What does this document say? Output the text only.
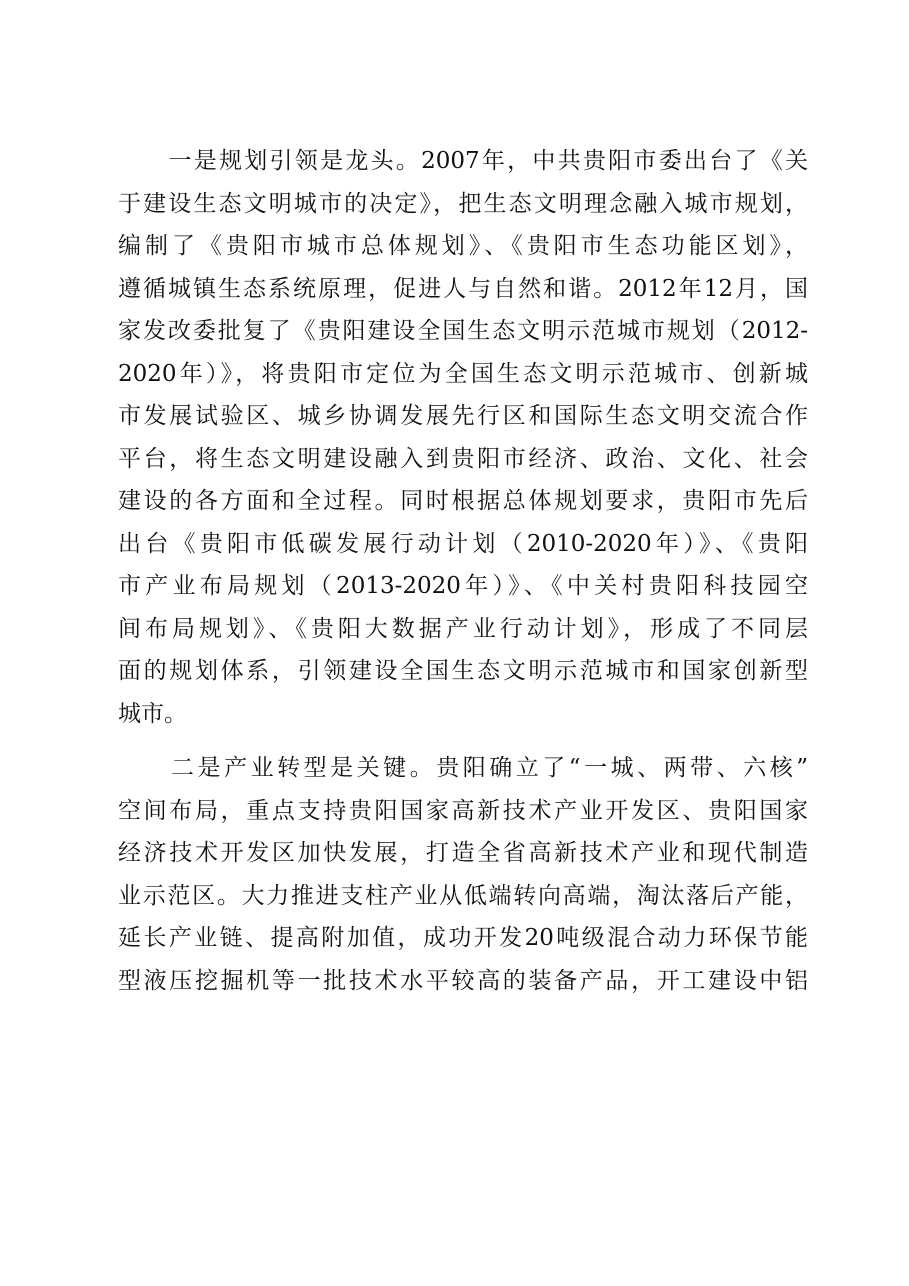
　　一是规划引领是龙头。2007年，中共贵阳市委出台了《关
于建设生态文明城市的决定》，把生态文明理念融入城市规划，
编制了《贵阳市城市总体规划》、《贵阳市生态功能区划》，
遵循城镇生态系统原理，促进人与自然和谐。2012年12月，国
家发改委批复了《贵阳建设全国生态文明示范城市规划（2012-
2020年）》，将贵阳市定位为全国生态文明示范城市、创新城
市发展试验区、城乡协调发展先行区和国际生态文明交流合作
平台，将生态文明建设融入到贵阳市经济、政治、文化、社会
建设的各方面和全过程。同时根据总体规划要求，贵阳市先后
出台《贵阳市低碳发展行动计划（2010-2020年）》、《贵阳
市产业布局规划（2013-2020年）》、《中关村贵阳科技园空
间布局规划》、《贵阳大数据产业行动计划》，形成了不同层
面的规划体系，引领建设全国生态文明示范城市和国家创新型
城市。
　　二是产业转型是关键。贵阳确立了“一城、两带、六核”
空间布局，重点支持贵阳国家高新技术产业开发区、贵阳国家
经济技术开发区加快发展，打造全省高新技术产业和现代制造
业示范区。大力推进支柱产业从低端转向高端，淘汰落后产能，
延长产业链、提高附加值，成功开发20吨级混合动力环保节能
型液压挖掘机等一批技术水平较高的装备产品，开工建设中铝
